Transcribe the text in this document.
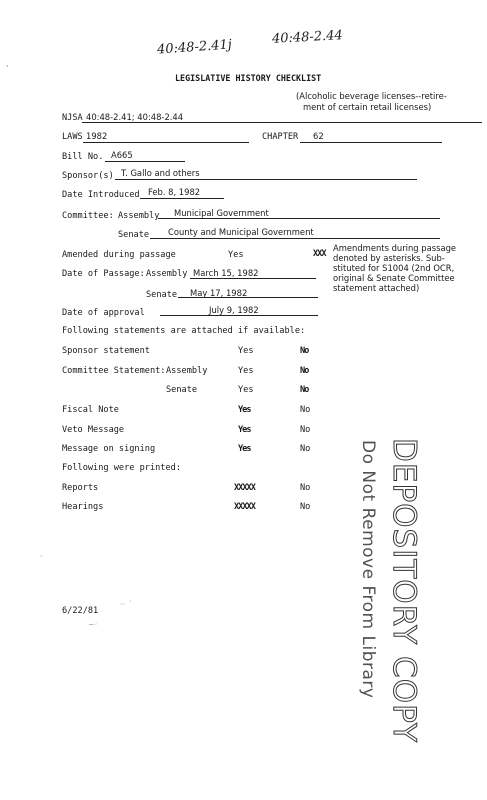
40:48-2.41j	40:48-2.44
LEGISLATIVE HISTORY CHECKLIST
(Alcoholic beverage licenses--retire-
ment of certain retail licenses)
NJSA 40:48-2.41; 40:48-2.44
LAWS 1982	CHAPTER 62
Bill No. A665
Sponsor(s) T. Gallo and others
Date Introduced Feb. 8, 1982
Committee: Assembly Municipal Government
Senate County and Municipal Government
Amended during passage	Yes	XXX
Amendments during passage
denoted by asterisks. Sub-
stituted for S1004 (2nd OCR,
original & Senate Committee
statement attached)
Date of Passage: Assembly March 15, 1982
Senate May 17, 1982
Date of approval	July 9, 1982
Following statements are attached if available:
Sponsor statement	Yes	No
Committee Statement: Assembly	Yes	No
Senate	Yes	No
Fiscal Note	Yes	No
Veto Message	Yes	No
Message on signing	Yes	No
Following were printed:
Reports	XXXXX	No
Hearings	XXXXX	No DEPOSITORY COPY
Do Not Remove From Library
6/22/81
·· ˙
~·
·
·
